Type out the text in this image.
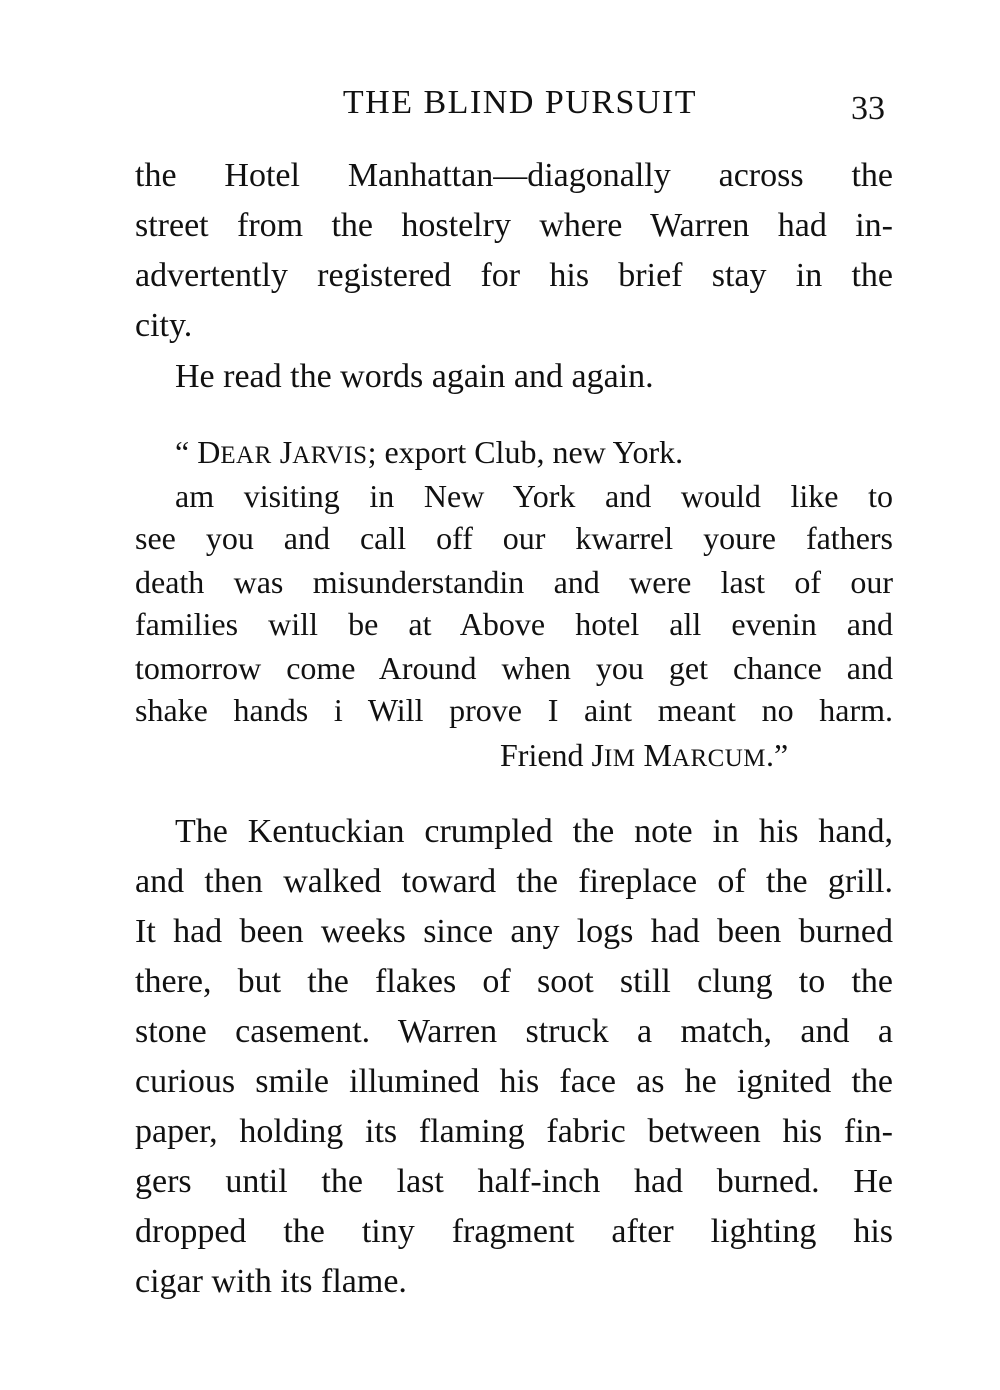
THE BLIND PURSUIT	33
the Hotel Manhattan—diagonally across the
street from the hostelry where Warren had in-
advertently registered for his brief stay in the
city.
He read the words again and again.
“ DEAR JARVIS; export Club, new York.
am visiting in New York and would like to
see you and call off our kwarrel youre fathers
death was misunderstandin and were last of our
families will be at Above hotel all evenin and
tomorrow come Around when you get chance and
shake hands i Will prove I aint meant no harm.
Friend JIM MARCUM.”
The Kentuckian crumpled the note in his hand,
and then walked toward the fireplace of the grill.
It had been weeks since any logs had been burned
there, but the flakes of soot still clung to the
stone casement. Warren struck a match, and a
curious smile illumined his face as he ignited the
paper, holding its flaming fabric between his fin-
gers until the last half-inch had burned. He
dropped the tiny fragment after lighting his
cigar with its flame.
